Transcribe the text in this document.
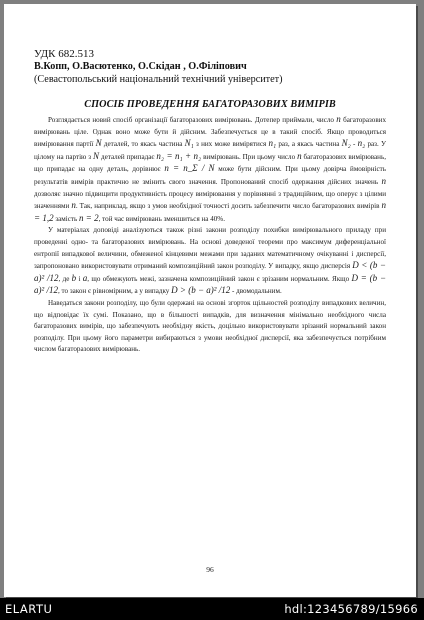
УДК 682.513
В.Копп, О.Васютенко, О.Скідан , О.Філіпович
(Севастопольський національний технічний університет)
СПОСІБ ПРОВЕДЕННЯ БАГАТОРАЗОВИХ ВИМІРІВ

Розглядається новий спосіб організації багаторазових вимірювань. Дотепер приймали, число n багаторазових вимірювань ціле. Однак воно може бути й дійсним. Забезпечується це в такий спосіб. Якщо проводиться вимірювання партії N деталей, то якась частина N₁ з них може вимірятися n₁ раз, а якась частина N₂ - n₂ раз. У цілому на партію з N деталей припадає n₂ = n₁ + n₂ вимірювань. При цьому число n багаторазових вимірювань, що припадає на одну деталь, дорівнює n = n_Σ / N може бути дійсним. При цьому довірча ймовірність результатів вимірів практично не змінить свого значення. Пропонований спосіб одержання дійсних значень n дозволяє значно підвищити продуктивність процесу вимірювання у порівнянні з традиційним, що оперує з цілими значеннями n. Так, наприклад, якщо з умов необхідної точності досить забезпечити число багаторазових вимірів n = 1,2 замість n = 2, той час вимірювань зменшиться на 40%.

У матеріалах доповіді аналізуються також різні закони розподілу похибки вимірювального приладу при проведенні одно- та багаторазових вимірювань. На основі доведеної теореми про максимум диференціальної ентропії випадкової величини, обмеженої кінцевими межами при заданих математичному очікуванні і дисперсії, запропоновано використовувати отриманий композиційний закон розподілу. У випадку, якщо дисперсія D < (b − a)² /12, де b і a, що обмежують межі, зазначена композиційний закон є зрізаним нормальним. Якщо D = (b − a)² /12, то закон є рівномірним, а у випадку D > (b − a)² /12 - двомодальним.

Наведаться закони розподілу, що були одержані на основі згорток щільностей розподілу випадкових величин, що відповідає їх сумі. Показано, що в більшості випадків, для визначення мінімально необхідного числа багаторазових вимірів, що забезпечують необхідну якість, доцільно використовувати зрізаний нормальний закон розподілу. При цьому його параметри вибираються з умови необхідної дисперсії, яка забезпечується потрібним числом багаторазових вимірювань.

96
ELARTU	hdl:123456789/15966
